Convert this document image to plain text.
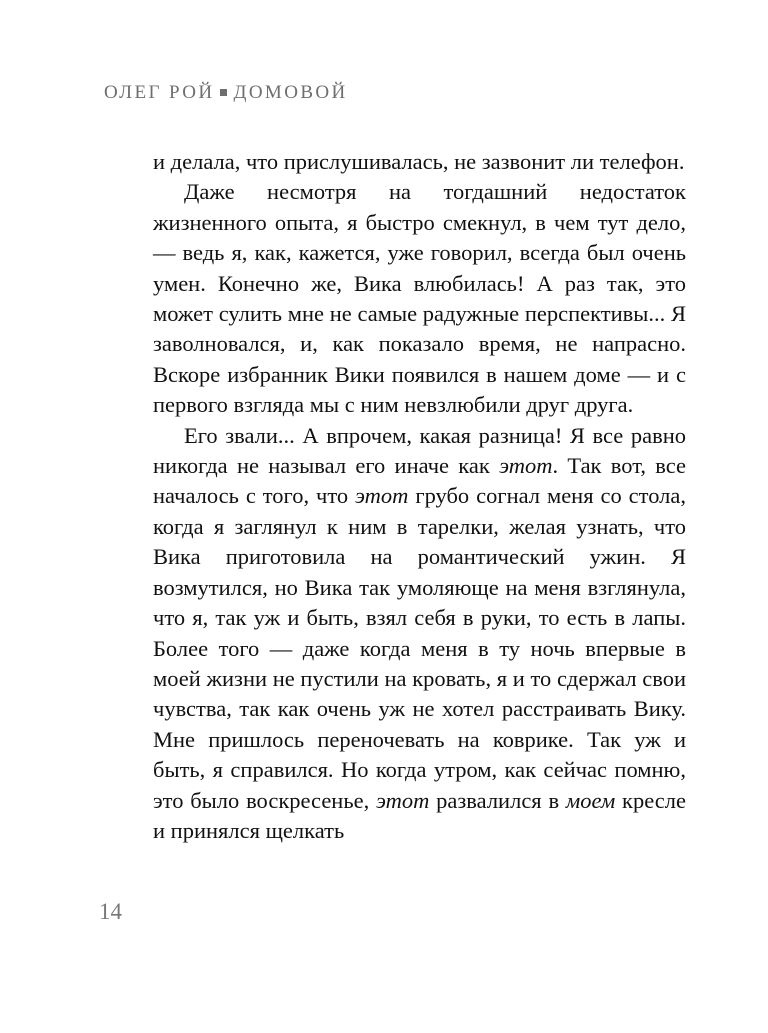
ОЛЕГ РОЙ ДОМОВОЙ

и делала, что прислушивалась, не зазвонит ли телефон.

Даже несмотря на тогдашний недостаток жизненного опыта, я быстро смекнул, в чем тут дело, — ведь я, как, кажется, уже говорил, всегда был очень умен. Конечно же, Вика влюбилась! А раз так, это может сулить мне не самые радужные перспективы... Я заволновался, и, как показало время, не напрасно. Вскоре избранник Вики появился в нашем доме — и с первого взгляда мы с ним невзлюбили друг друга.

Его звали... А впрочем, какая разница! Я все равно никогда не называл его иначе как этот. Так вот, все началось с того, что этот грубо согнал меня со стола, когда я заглянул к ним в тарелки, желая узнать, что Вика приготовила на романтический ужин. Я возмутился, но Вика так умоляюще на меня взглянула, что я, так уж и быть, взял себя в руки, то есть в лапы. Более того — даже когда меня в ту ночь впервые в моей жизни не пустили на кровать, я и то сдержал свои чувства, так как очень уж не хотел расстраивать Вику. Мне пришлось переночевать на коврике. Так уж и быть, я справился. Но когда утром, как сейчас помню, это было воскресенье, этот развалился в моем кресле и принялся щелкать

14
